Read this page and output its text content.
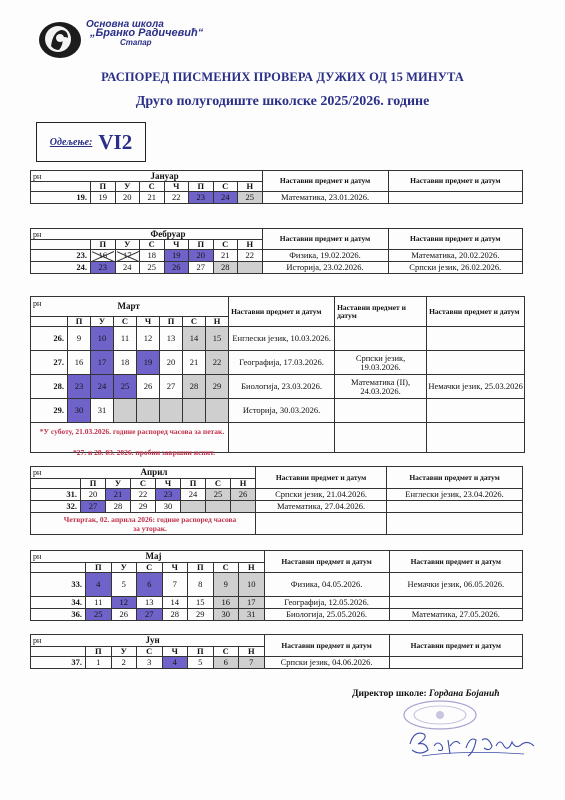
Основна школа
„Бранко Радичевић“
Стапар
РАСПОРЕД ПИСМЕНИХ ПРОВЕРА ДУЖИХ ОД 15 МИНУТА
Друго полугодиште школске 2025/2026. године
Одељење: VI2
рн	Јануар							Наставни предмет и датум	Наставни предмет и датум
	П	У	С	Ч	П	С	Н		
19.	19	20	21	22	23	24	25	Математика, 23.01.2026.	
рн	Фебруар							Наставни предмет и датум	Наставни предмет и датум
	П	У	С	Ч	П	С	Н		
23.	16	17	18	19	20	21	22	Физика, 19.02.2026.	Математика, 20.02.2026.
24.	23	24	25	26	27	28		Историја, 23.02.2026.	Српски језик, 26.02.2026.
рн	Март							Наставни предмет и датум	Наставни предмет и датум	Наставни предмет и датум
	П	У	С	Ч	П	С	Н			
26.	9	10	11	12	13	14	15	Енглески језик, 10.03.2026.		
27.	16	17	18	19	20	21	22	Географија, 17.03.2026.	Српски језик, 19.03.2026.	
28.	23	24	25	26	27	28	29	Биологија, 23.03.2026.	Математика (II), 24.03.2026.	Немачки језик, 25.03.2026
29.	30	31						Историја, 30.03.2026.		

*У суботу, 21.03.2026. године распоред часова за петак.
*27. и 28. 03. 2026. пробни завршни испит.
рн	Април							Наставни предмет и датум	Наставни предмет и датум
	П	У	С	Ч	П	С	Н		
31.	20	21	22	23	24	25	26	Српски језик, 21.04.2026.	Енглески језик, 23.04.2026.
32.	27	28	29	30				Математика, 27.04.2026.	

Четвртак, 02. априла 2026: године распоред часова за уторак.
рн	Мај							Наставни предмет и датум	Наставни предмет и датум
	П	У	С	Ч	П	С	Н		
33.	4	5	6	7	8	9	10	Физика, 04.05.2026.	Немачки језик, 06.05.2026.
34.	11	12	13	14	15	16	17	Географија, 12.05.2026.	
36.	25	26	27	28	29	30	31	Биологија, 25.05.2026.	Математика, 27.05.2026.
рн	Јун							Наставни предмет и датум	Наставни предмет и датум
	П	У	С	Ч	П	С	Н		
37.	1	2	3	4	5	6	7	Српски језик, 04.06.2026.	
Директор школе: Гордана Бојанић
